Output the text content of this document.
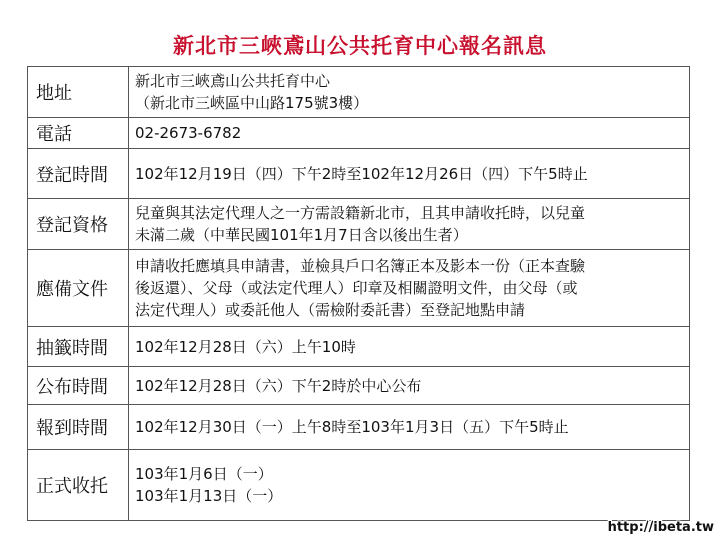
新北市三峽鳶山公共托育中心報名訊息
地址	新北市三峽鳶山公共托育中心
（新北市三峽區中山路175號3樓）

電話	02-2673-6782

登記時間	102年12月19日（四）下午2時至102年12月26日（四）下午5時止

登記資格	兒童與其法定代理人之一方需設籍新北市，且其申請收托時，以兒童
未滿二歲（中華民國101年1月7日含以後出生者）

應備文件	申請收托應填具申請書，並檢具戶口名簿正本及影本一份（正本查驗
後返還）、父母（或法定代理人）印章及相關證明文件，由父母（或
法定代理人）或委託他人（需檢附委託書）至登記地點申請

抽籤時間	102年12月28日（六）上午10時

公布時間	102年12月28日（六）下午2時於中心公布

報到時間	102年12月30日（一）上午8時至103年1月3日（五）下午5時止

正式收托	103年1月6日（一）
103年1月13日（一）
http://ibeta.tw
